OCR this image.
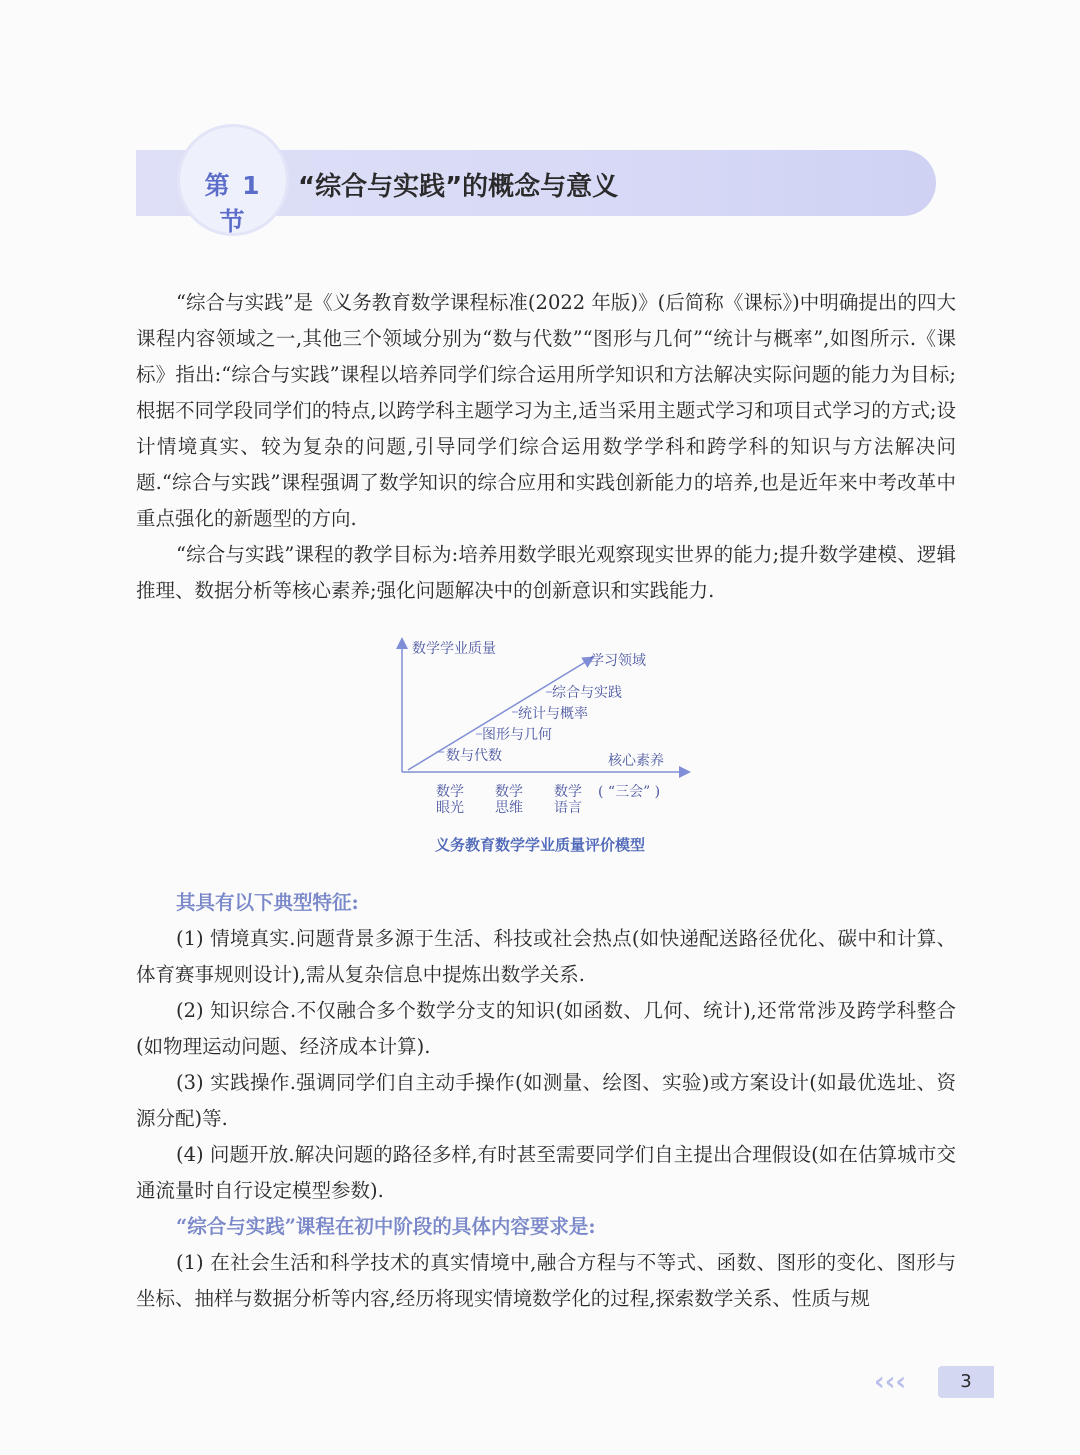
第 1 节
“综合与实践”的概念与意义

“综合与实践”是《义务教育数学课程标准(2022 年版)》(后简称《课标》)中明确提出的四大课程内容领域之一,其他三个领域分别为“数与代数”“图形与几何”“统计与概率”,如图所示.《课标》指出:“综合与实践”课程以培养同学们综合运用所学知识和方法解决实际问题的能力为目标;根据不同学段同学们的特点,以跨学科主题学习为主,适当采用主题式学习和项目式学习的方式;设计情境真实、较为复杂的问题,引导同学们综合运用数学学科和跨学科的知识与方法解决问题.“综合与实践”课程强调了数学知识的综合应用和实践创新能力的培养,也是近年来中考改革中重点强化的新题型的方向.

“综合与实践”课程的教学目标为:培养用数学眼光观察现实世界的能力;提升数学建模、逻辑推理、数据分析等核心素养;强化问题解决中的创新意识和实践能力.

数学学业质量
学习领域
核心素养
数与代数
图形与几何
统计与概率
综合与实践
数学
眼光
数学
思维
数学
语言
( “三会” )
义务教育数学学业质量评价模型

其具有以下典型特征:

(1) 情境真实.问题背景多源于生活、科技或社会热点(如快递配送路径优化、碳中和计算、体育赛事规则设计),需从复杂信息中提炼出数学关系.

(2) 知识综合.不仅融合多个数学分支的知识(如函数、几何、统计),还常常涉及跨学科整合(如物理运动问题、经济成本计算).

(3) 实践操作.强调同学们自主动手操作(如测量、绘图、实验)或方案设计(如最优选址、资源分配)等.

(4) 问题开放.解决问题的路径多样,有时甚至需要同学们自主提出合理假设(如在估算城市交通流量时自行设定模型参数).

“综合与实践”课程在初中阶段的具体内容要求是:

(1) 在社会生活和科学技术的真实情境中,融合方程与不等式、函数、图形的变化、图形与坐标、抽样与数据分析等内容,经历将现实情境数学化的过程,探索数学关系、性质与规

‹‹‹	3
